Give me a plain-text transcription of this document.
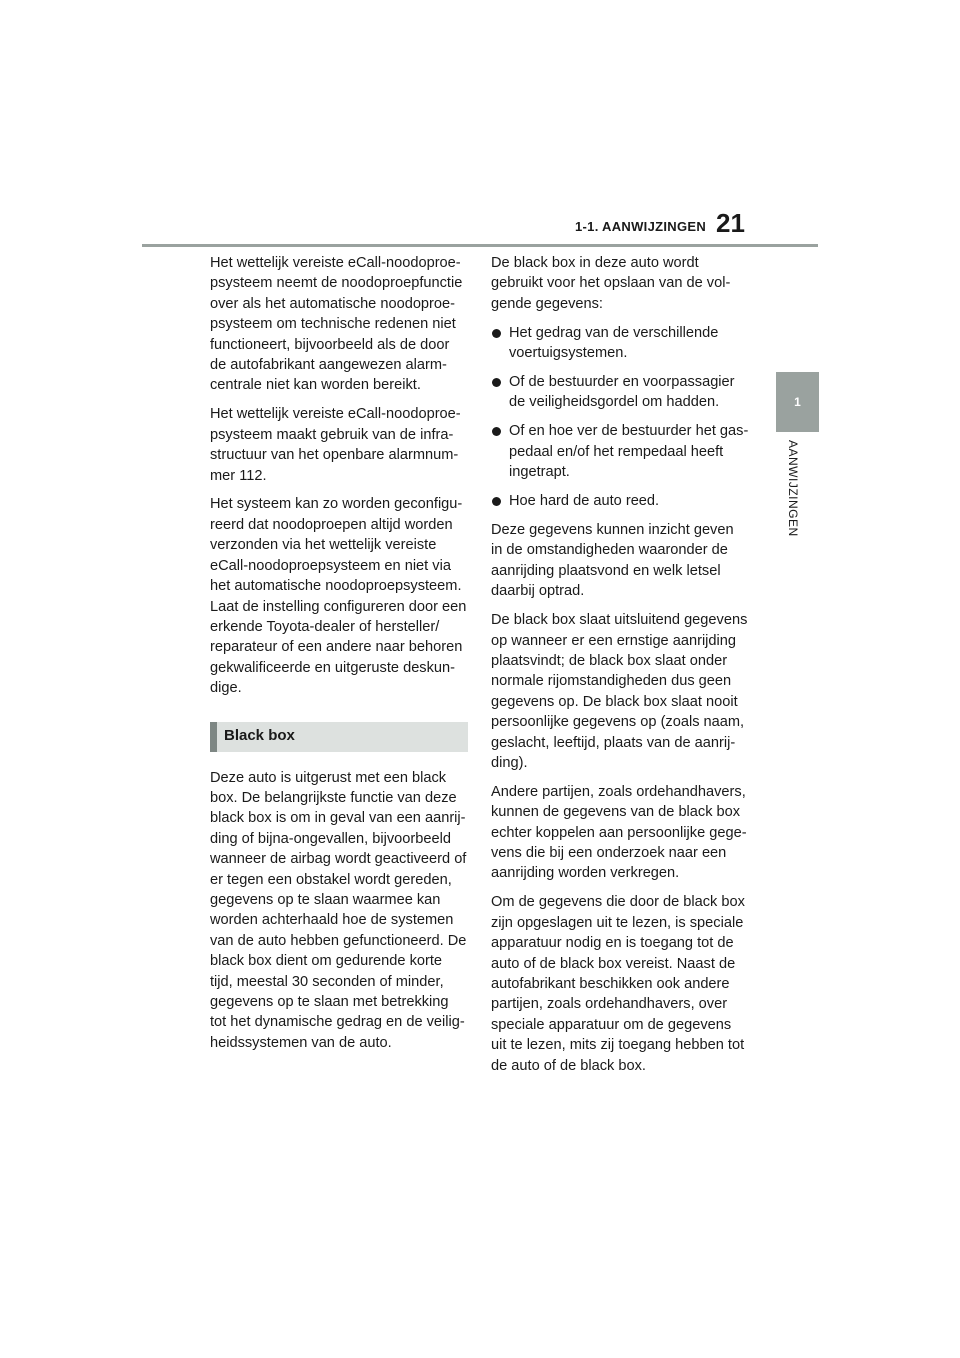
1-1. AANWIJZINGEN 21
1
AANWIJZINGEN

Het wettelijk vereiste eCall-noodoproe-
psysteem neemt de noodoproepfunctie
over als het automatische noodoproe-
psysteem om technische redenen niet
functioneert, bijvoorbeeld als de door
de autofabrikant aangewezen alarm-
centrale niet kan worden bereikt.

Het wettelijk vereiste eCall-noodoproe-
psysteem maakt gebruik van de infra-
structuur van het openbare alarmnum-
mer 112.

Het systeem kan zo worden geconfigu-
reerd dat noodoproepen altijd worden
verzonden via het wettelijk vereiste
eCall-noodoproepsysteem en niet via
het automatische noodoproepsysteem.
Laat de instelling configureren door een
erkende Toyota-dealer of hersteller/
reparateur of een andere naar behoren
gekwalificeerde en uitgeruste deskun-
dige.

Black box

Deze auto is uitgerust met een black
box. De belangrijkste functie van deze
black box is om in geval van een aanrij-
ding of bijna-ongevallen, bijvoorbeeld
wanneer de airbag wordt geactiveerd of
er tegen een obstakel wordt gereden,
gegevens op te slaan waarmee kan
worden achterhaald hoe de systemen
van de auto hebben gefunctioneerd. De
black box dient om gedurende korte
tijd, meestal 30 seconden of minder,
gegevens op te slaan met betrekking
tot het dynamische gedrag en de veilig-
heidssystemen van de auto.

De black box in deze auto wordt
gebruikt voor het opslaan van de vol-
gende gegevens:

Het gedrag van de verschillende
voertuigsystemen.
Of de bestuurder en voorpassagier
de veiligheidsgordel om hadden.
Of en hoe ver de bestuurder het gas-
pedaal en/of het rempedaal heeft
ingetrapt.
Hoe hard de auto reed.

Deze gegevens kunnen inzicht geven
in de omstandigheden waaronder de
aanrijding plaatsvond en welk letsel
daarbij optrad.

De black box slaat uitsluitend gegevens
op wanneer er een ernstige aanrijding
plaatsvindt; de black box slaat onder
normale rijomstandigheden dus geen
gegevens op. De black box slaat nooit
persoonlijke gegevens op (zoals naam,
geslacht, leeftijd, plaats van de aanrij-
ding).

Andere partijen, zoals ordehandhavers,
kunnen de gegevens van de black box
echter koppelen aan persoonlijke gege-
vens die bij een onderzoek naar een
aanrijding worden verkregen.

Om de gegevens die door de black box
zijn opgeslagen uit te lezen, is speciale
apparatuur nodig en is toegang tot de
auto of de black box vereist. Naast de
autofabrikant beschikken ook andere
partijen, zoals ordehandhavers, over
speciale apparatuur om de gegevens
uit te lezen, mits zij toegang hebben tot
de auto of de black box.
